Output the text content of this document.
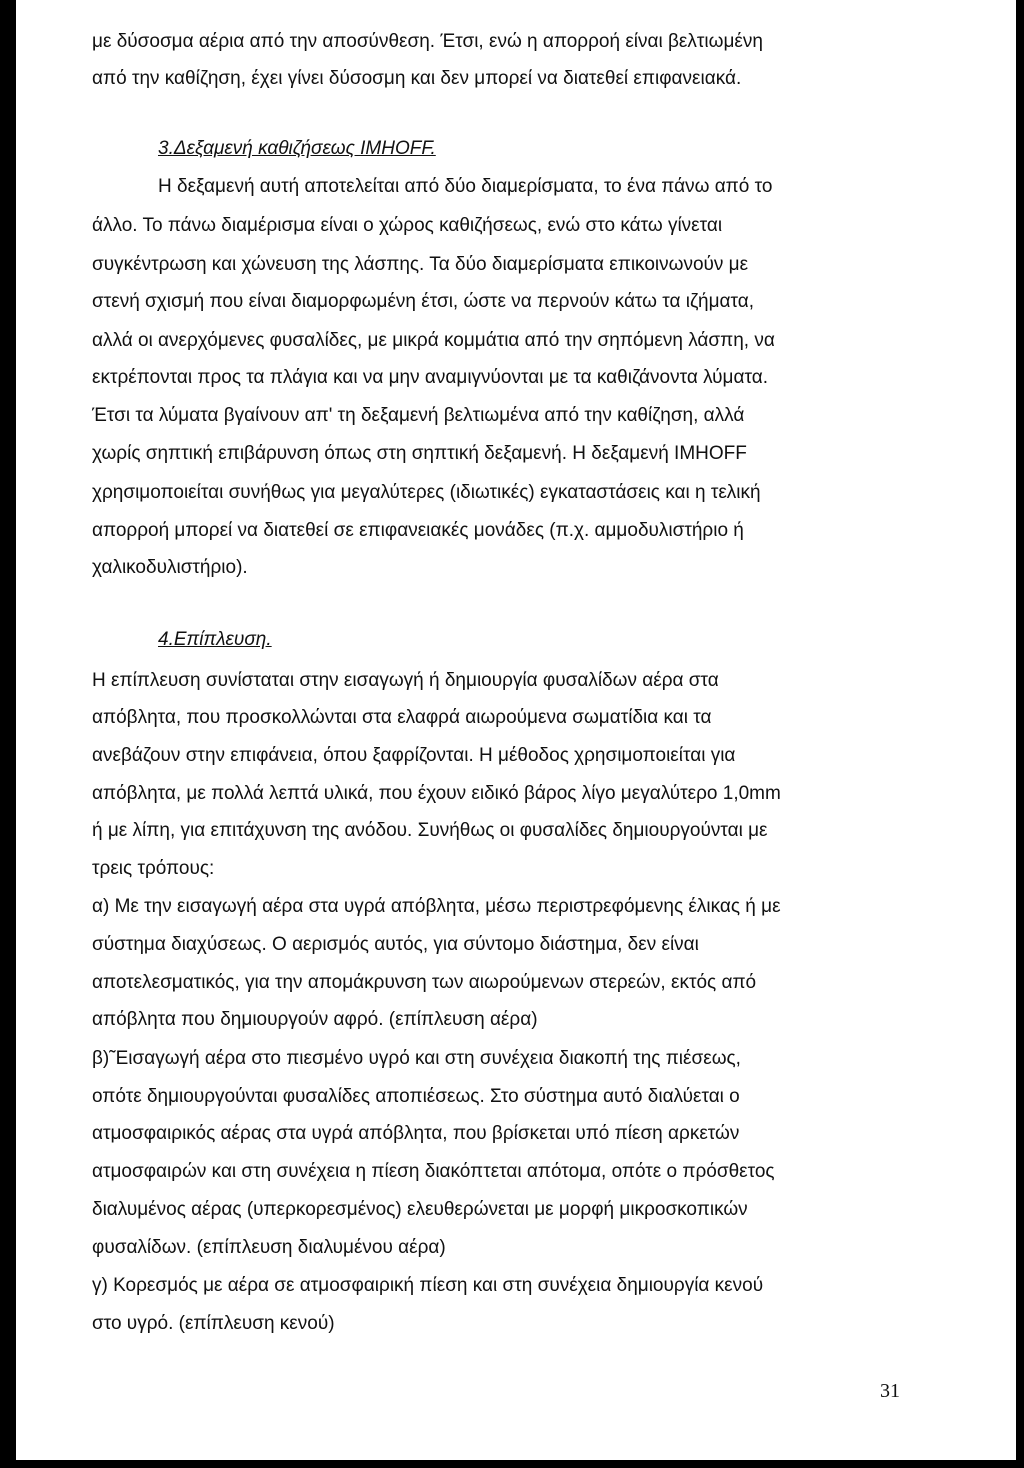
με δύσοσμα αέρια από την αποσύνθεση. Έτσι, ενώ η απορροή είναι βελτιωμένη
από την καθίζηση, έχει γίνει δύσοσμη και δεν μπορεί να διατεθεί επιφανειακά.
3.Δεξαμενή καθιζήσεως IMHOFF.
Η δεξαμενή αυτή αποτελείται από δύο διαμερίσματα, το ένα πάνω από το
άλλο. Το πάνω διαμέρισμα είναι ο χώρος καθιζήσεως, ενώ στο κάτω γίνεται
συγκέντρωση και χώνευση της λάσπης. Τα δύο διαμερίσματα επικοινωνούν με
στενή σχισμή που είναι διαμορφωμένη έτσι, ώστε να περνούν κάτω τα ιζήματα,
αλλά οι ανερχόμενες φυσαλίδες, με μικρά κομμάτια από την σηπόμενη λάσπη, να
εκτρέπονται προς τα πλάγια και να μην αναμιγνύονται με τα καθιζάνοντα λύματα.
Έτσι τα λύματα βγαίνουν απ' τη δεξαμενή βελτιωμένα από την καθίζηση, αλλά
χωρίς σηπτική επιβάρυνση όπως στη σηπτική δεξαμενή. Η δεξαμενή IMHOFF
χρησιμοποιείται συνήθως για μεγαλύτερες (ιδιωτικές) εγκαταστάσεις και η τελική
απορροή μπορεί να διατεθεί σε επιφανειακές μονάδες (π.χ. αμμοδυλιστήριο ή
χαλικοδυλιστήριο).
4.Επίπλευση.
Η επίπλευση συνίσταται στην εισαγωγή ή δημιουργία φυσαλίδων αέρα στα
απόβλητα, που προσκολλώνται στα ελαφρά αιωρούμενα σωματίδια και τα
ανεβάζουν στην επιφάνεια, όπου ξαφρίζονται. Η μέθοδος χρησιμοποιείται για
απόβλητα, με πολλά λεπτά υλικά, που έχουν ειδικό βάρος λίγο μεγαλύτερο 1,0mm
ή με λίπη, για επιτάχυνση της ανόδου. Συνήθως οι φυσαλίδες δημιουργούνται με
τρεις τρόπους:
α) Με την εισαγωγή αέρα στα υγρά απόβλητα, μέσω περιστρεφόμενης έλικας ή με
σύστημα διαχύσεως. Ο αερισμός αυτός, για σύντομο διάστημα, δεν είναι
αποτελεσματικός, για την απομάκρυνση των αιωρούμενων στερεών, εκτός από
απόβλητα που δημιουργούν αφρό. (επίπλευση αέρα)
β)˜Εισαγωγή αέρα στο πιεσμένο υγρό και στη συνέχεια διακοπή της πιέσεως,
οπότε δημιουργούνται φυσαλίδες αποπιέσεως. Στο σύστημα αυτό διαλύεται ο
ατμοσφαιρικός αέρας στα υγρά απόβλητα, που βρίσκεται υπό πίεση αρκετών
ατμοσφαιρών και στη συνέχεια η πίεση διακόπτεται απότομα, οπότε ο πρόσθετος
διαλυμένος αέρας (υπερκορεσμένος) ελευθερώνεται με μορφή μικροσκοπικών
φυσαλίδων. (επίπλευση διαλυμένου αέρα)
γ) Κορεσμός με αέρα σε ατμοσφαιρική πίεση και στη συνέχεια δημιουργία κενού
στο υγρό. (επίπλευση κενού)
31
